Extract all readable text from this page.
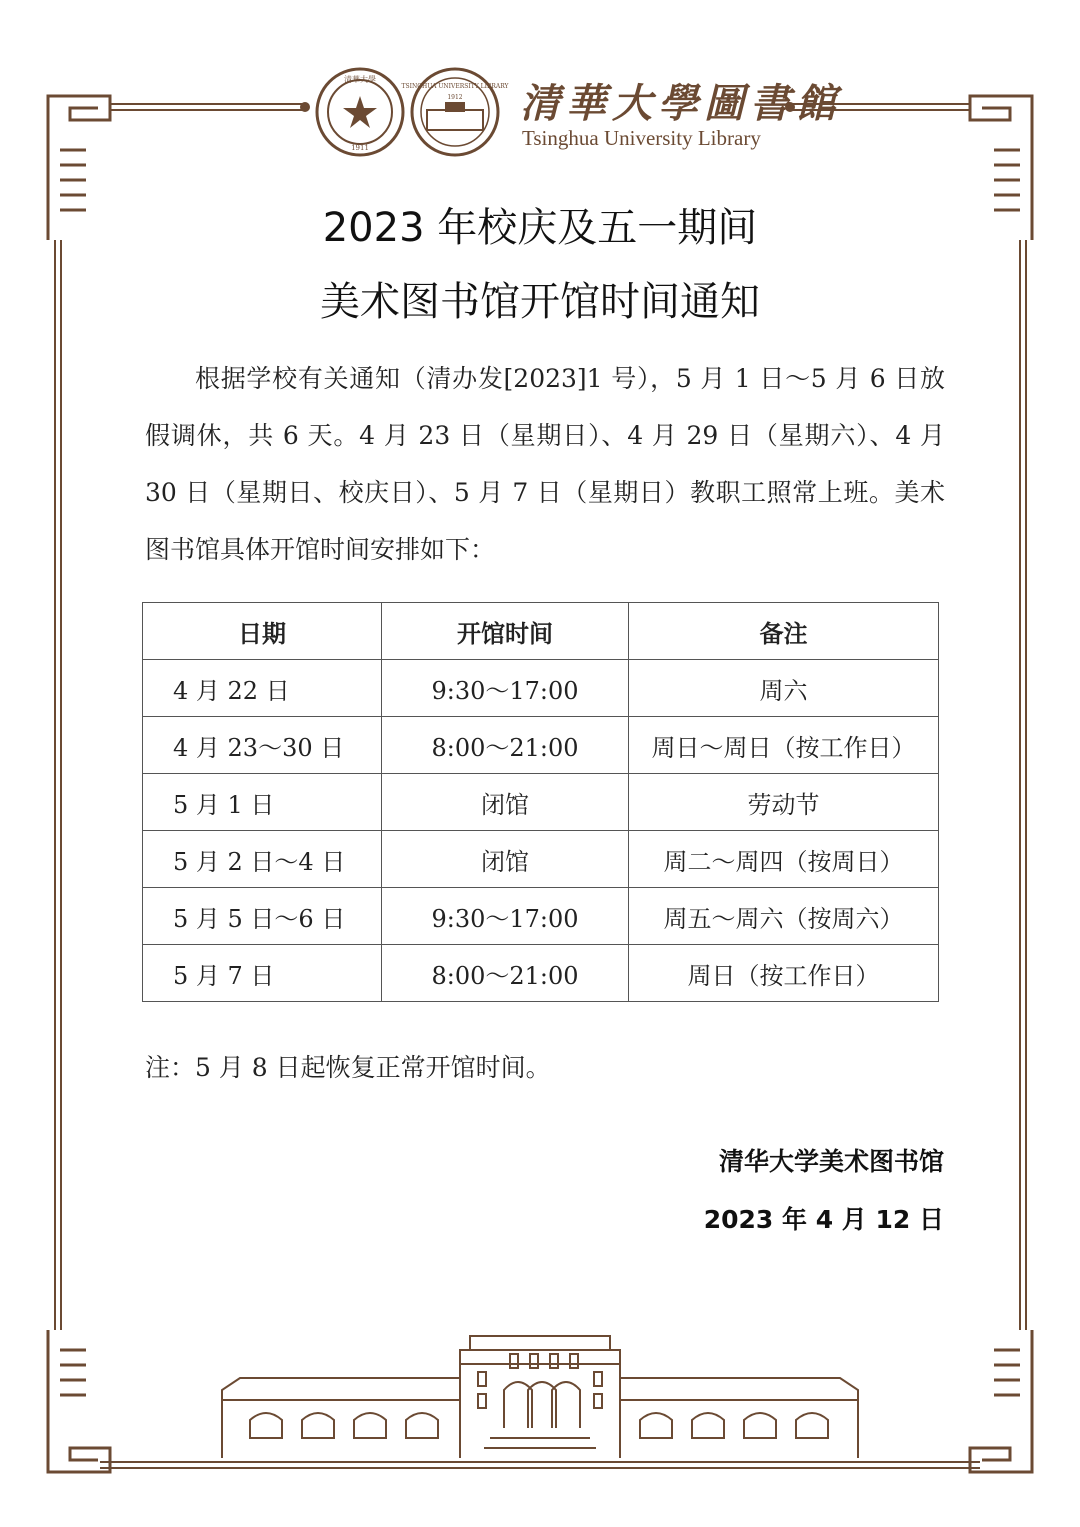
清華大學
1911
TSINGHUA UNIVERSITY LIBRARY
1912 清華大學圖書館
Tsinghua University Library
2023 年校庆及五一期间
美术图书馆开馆时间通知
根据学校有关通知（清办发[2023]1 号），5 月 1 日～5 月 6 日放假调休，共 6 天。4 月 23 日（星期日）、4 月 29 日（星期六）、4 月 30 日（星期日、校庆日）、5 月 7 日（星期日）教职工照常上班。美术图书馆具体开馆时间安排如下：
日期	开馆时间	备注
4 月 22 日	9:30～17:00	周六
4 月 23～30 日	8:00～21:00	周日～周日（按工作日）
5 月 1 日	闭馆	劳动节
5 月 2 日～4 日	闭馆	周二～周四（按周日）
5 月 5 日～6 日	9:30～17:00	周五～周六（按周六）
5 月 7 日	8:00～21:00	周日（按工作日）
注：5 月 8 日起恢复正常开馆时间。
清华大学美术图书馆
2023 年 4 月 12 日
